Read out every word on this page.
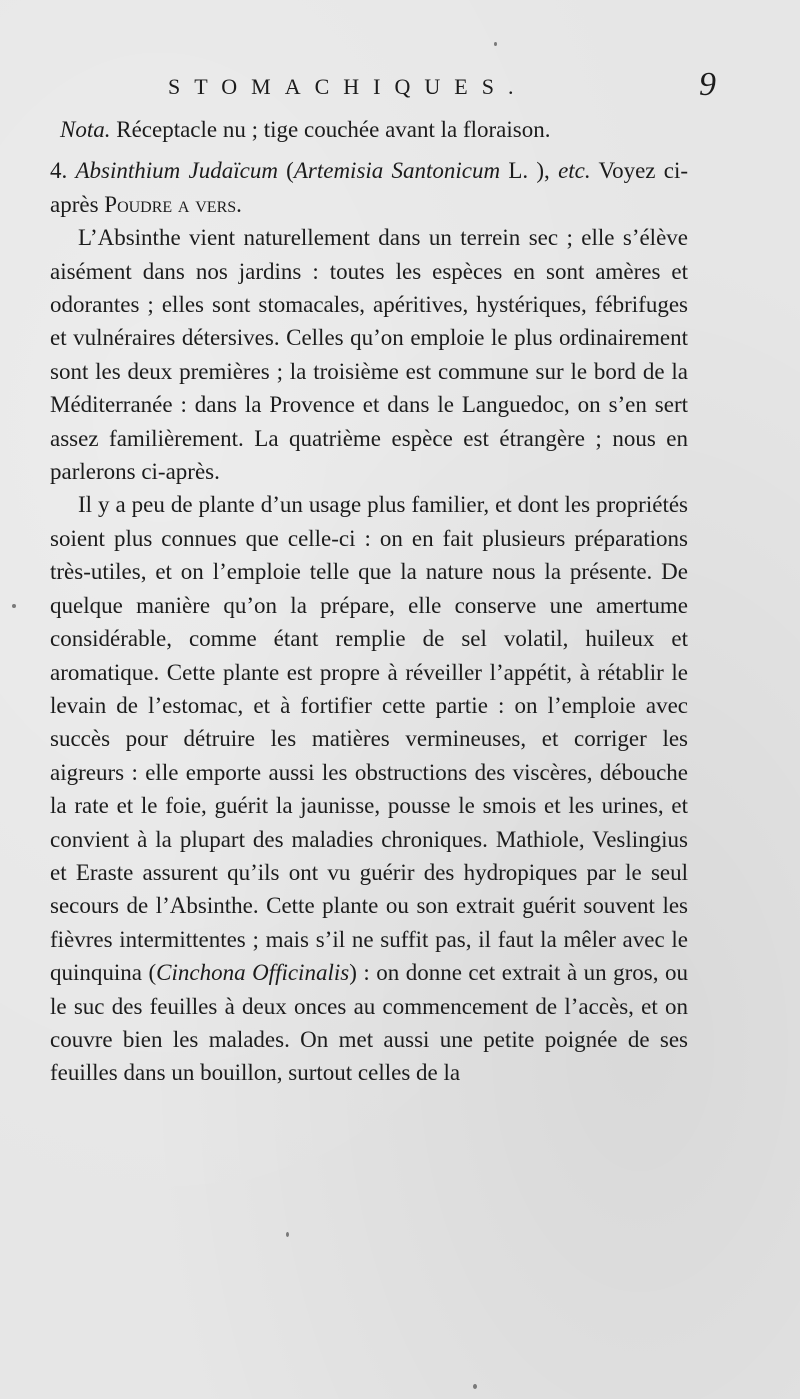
STOMACHIQUES.	9

Nota. Réceptacle nu ; tige couchée avant la floraison.

4. Absinthium Judaïcum (Artemisia Santonicum L. ), etc. Voyez ci-après Poudre a vers.

L’Absinthe vient naturellement dans un terrein sec ; elle s’élève aisément dans nos jardins : toutes les espèces en sont amères et odorantes ; elles sont stomacales, apéritives, hystériques, fébrifuges et vulnéraires détersives. Celles qu’on emploie le plus ordinairement sont les deux premières ; la troisième est commune sur le bord de la Méditerranée : dans la Provence et dans le Languedoc, on s’en sert assez familièrement. La quatrième espèce est étrangère ; nous en parlerons ci-après.

Il y a peu de plante d’un usage plus familier, et dont les propriétés soient plus connues que celle-ci : on en fait plusieurs préparations très-utiles, et on l’emploie telle que la nature nous la présente. De quelque manière qu’on la prépare, elle conserve une amertume considérable, comme étant remplie de sel volatil, huileux et aromatique. Cette plante est propre à réveiller l’appétit, à rétablir le levain de l’estomac, et à fortifier cette partie : on l’emploie avec succès pour détruire les matières vermineuses, et corriger les aigreurs : elle emporte aussi les obstructions des viscères, débouche la rate et le foie, guérit la jaunisse, pousse le smois et les urines, et convient à la plupart des maladies chroniques. Mathiole, Veslingius et Eraste assurent qu’ils ont vu guérir des hydropiques par le seul secours de l’Absinthe. Cette plante ou son extrait guérit souvent les fièvres intermittentes ; mais s’il ne suffit pas, il faut la mêler avec le quinquina (Cinchona Officinalis) : on donne cet extrait à un gros, ou le suc des feuilles à deux onces au commencement de l’accès, et on couvre bien les malades. On met aussi une petite poignée de ses feuilles dans un bouillon, surtout celles de la
